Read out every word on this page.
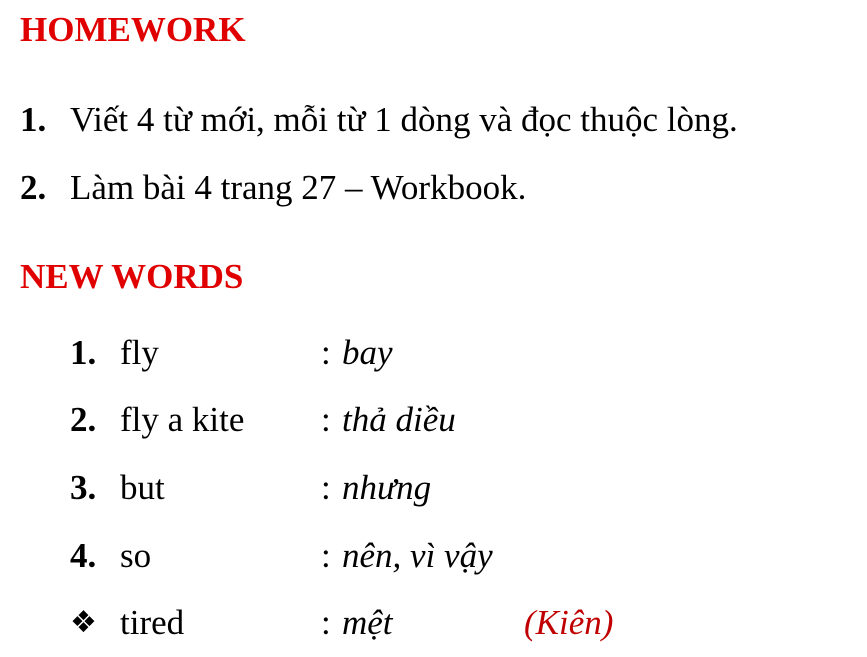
HOMEWORK
1. Viết 4 từ mới, mỗi từ 1 dòng và đọc thuộc lòng.
2. Làm bài 4 trang 27 – Workbook.
NEW WORDS
1. fly	: bay
2. fly a kite : thả diều
3. but	: nhưng
4. so	: nên, vì vậy
❖ tired	: mệt	(Kiên)
